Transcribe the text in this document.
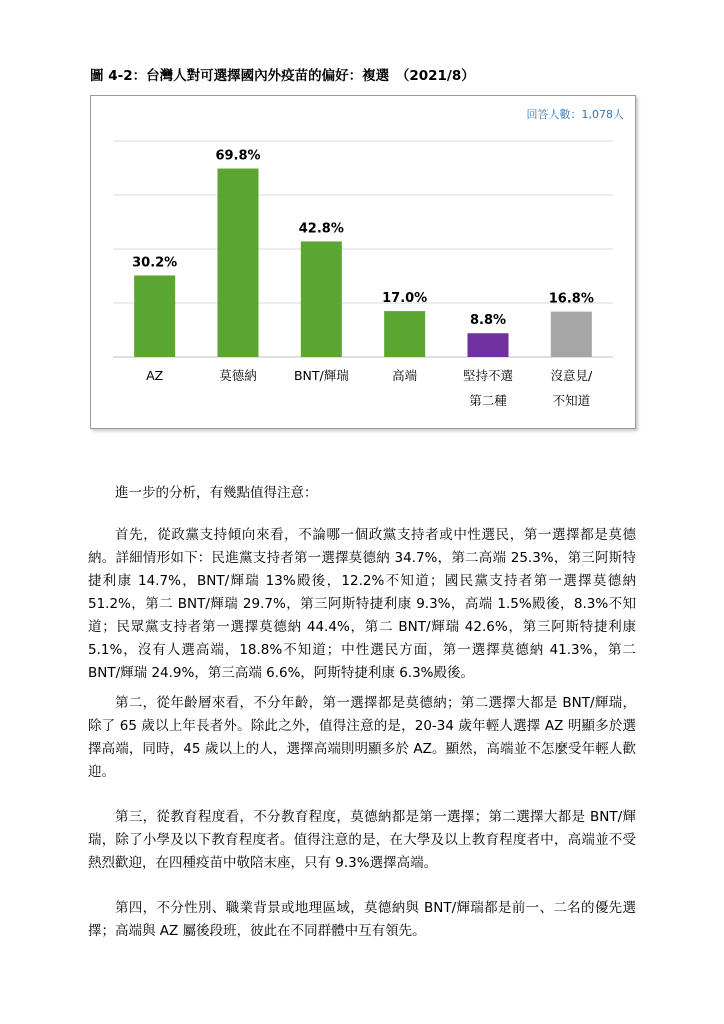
圖 4-2：台灣人對可選擇國內外疫苗的偏好：複選　（2021/8）
30.2%
69.8%
42.8%
17.0%
8.8%
16.8%
AZ	莫德納	BNT/輝瑞	高端	堅持不選
第二種
沒意見/
不知道
回答人數：1,078人

進一步的分析，有幾點值得注意：

首先，從政黨支持傾向來看，不論哪一個政黨支持者或中性選民，第一選擇都是莫德納。詳細情形如下：民進黨支持者第一選擇莫德納 34.7%，第二高端 25.3%，第三阿斯特捷利康 14.7%，BNT/輝瑞 13%殿後，12.2%不知道；國民黨支持者第一選擇莫德納 51.2%，第二 BNT/輝瑞 29.7%，第三阿斯特捷利康 9.3%，高端 1.5%殿後，8.3%不知道；民眾黨支持者第一選擇莫德納 44.4%，第二 BNT/輝瑞 42.6%，第三阿斯特捷利康 5.1%，沒有人選高端，18.8%不知道；中性選民方面，第一選擇莫德納 41.3%，第二 BNT/輝瑞 24.9%，第三高端 6.6%，阿斯特捷利康 6.3%殿後。

第二，從年齡層來看，不分年齡，第一選擇都是莫德納；第二選擇大都是 BNT/輝瑞，除了 65 歲以上年長者外。除此之外，值得注意的是，20-34 歲年輕人選擇 AZ 明顯多於選擇高端，同時，45 歲以上的人，選擇高端則明顯多於 AZ。顯然，高端並不怎麼受年輕人歡迎。

第三，從教育程度看，不分教育程度，莫德納都是第一選擇；第二選擇大都是 BNT/輝瑞，除了小學及以下教育程度者。值得注意的是，在大學及以上教育程度者中，高端並不受熱烈歡迎，在四種疫苗中敬陪末座，只有 9.3%選擇高端。

第四，不分性別、職業背景或地理區域，莫德納與 BNT/輝瑞都是前一、二名的優先選擇；高端與 AZ 屬後段班，彼此在不同群體中互有領先。
